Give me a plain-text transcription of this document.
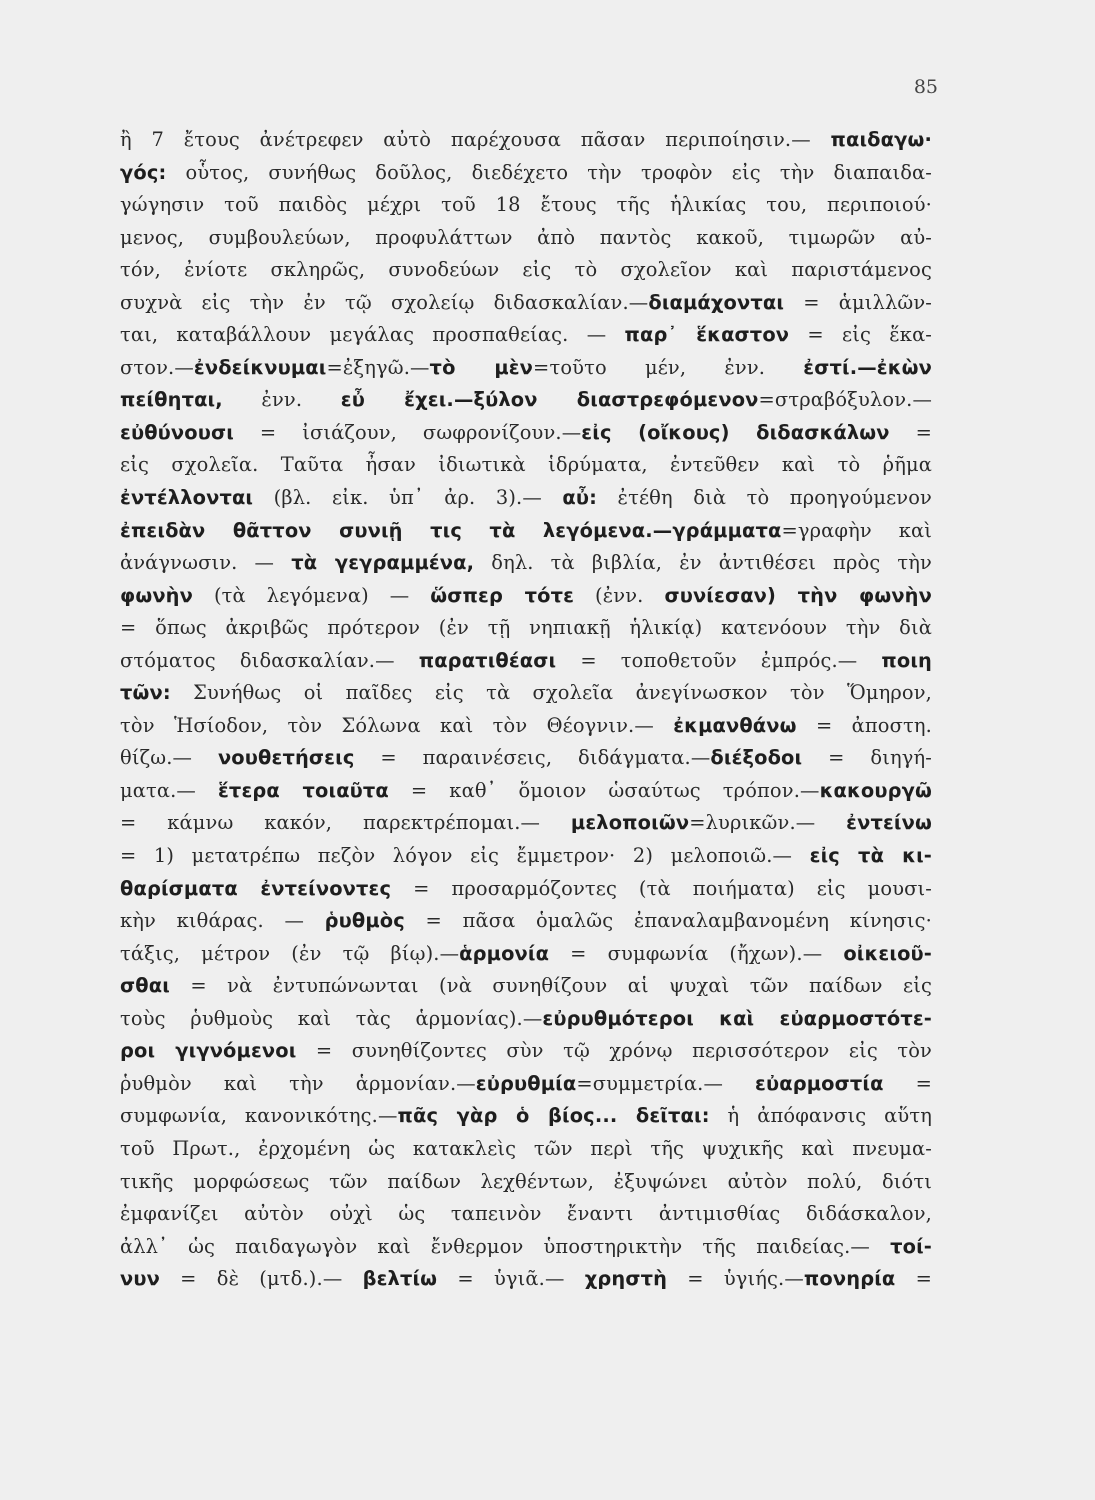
85
ἢ 7 ἔτους ἀνέτρεφεν αὐτὸ παρέχουσα πᾶσαν περιποίησιν.— παιδαγω·
γός: οὗτος, συνήθως δοῦλος, διεδέχετο τὴν τροφὸν εἰς τὴν διαπαιδα-
γώγησιν τοῦ παιδὸς μέχρι τοῦ 18 ἔτους τῆς ἡλικίας του, περιποιού·
μενος, συμβουλεύων, προφυλάττων ἀπὸ παντὸς κακοῦ, τιμωρῶν αὐ-
τόν, ἐνίοτε σκληρῶς, συνοδεύων εἰς τὸ σχολεῖον καὶ παριστάμενος
συχνὰ εἰς τὴν ἐν τῷ σχολείῳ διδασκαλίαν.—διαμάχονται = ἁμιλλῶν-
ται, καταβάλλουν μεγάλας προσπαθείας. — παρ᾽ ἕκαστον = εἰς ἕκα-
στον.—ἐνδείκνυμαι=ἐξηγῶ.—τὸ μὲν=τοῦτο μέν, ἐνν. ἐστί.—ἐκὼν
πείθηται, ἐνν. εὖ ἔχει.—ξύλον διαστρεφόμενον=στραβόξυλον.—
εὐθύνουσι = ἰσιάζουν, σωφρονίζουν.—εἰς (οἴκους) διδασκάλων =
εἰς σχολεῖα. Ταῦτα ἦσαν ἰδιωτικὰ ἱδρύματα, ἐντεῦθεν καὶ τὸ ῥῆμα
ἐντέλλονται (βλ. εἰκ. ὑπ᾽ ἀρ. 3).— αὖ: ἐτέθη διὰ τὸ προηγούμενον
ἐπειδὰν θᾶττον συνιῇ τις τὰ λεγόμενα.—γράμματα=γραφὴν καὶ
ἀνάγνωσιν. — τὰ γεγραμμένα, δηλ. τὰ βιβλία, ἐν ἀντιθέσει πρὸς τὴν
φωνὴν (τὰ λεγόμενα) — ὥσπερ τότε (ἐνν. συνίεσαν) τὴν φωνὴν
= ὅπως ἀκριβῶς πρότερον (ἐν τῇ νηπιακῇ ἡλικίᾳ) κατενόουν τὴν διὰ
στόματος διδασκαλίαν.— παρατιθέασι = τοποθετοῦν ἐμπρός.— ποιη
τῶν: Συνήθως οἱ παῖδες εἰς τὰ σχολεῖα ἀνεγίνωσκον τὸν Ὅμηρον,
τὸν Ἡσίοδον, τὸν Σόλωνα καὶ τὸν Θέογνιν.— ἐκμανθάνω = ἀποστη.
θίζω.— νουθετήσεις = παραινέσεις, διδάγματα.—διέξοδοι = διηγή-
ματα.— ἕτερα τοιαῦτα = καθ᾽ ὅμοιον ὡσαύτως τρόπον.—κακουργῶ
= κάμνω κακόν, παρεκτρέπομαι.— μελοποιῶν=λυρικῶν.— ἐντείνω
= 1) μετατρέπω πεζὸν λόγον εἰς ἔμμετρον· 2) μελοποιῶ.— εἰς τὰ κι-
θαρίσματα ἐντείνοντες = προσαρμόζοντες (τὰ ποιήματα) εἰς μουσι-
κὴν κιθάρας. — ῥυθμὸς = πᾶσα ὁμαλῶς ἐπαναλαμβανομένη κίνησις·
τάξις, μέτρον (ἐν τῷ βίῳ).—ἁρμονία = συμφωνία (ἤχων).— οἰκειοῦ-
σθαι = νὰ ἐντυπώνωνται (νὰ συνηθίζουν αἱ ψυχαὶ τῶν παίδων εἰς
τοὺς ῥυθμοὺς καὶ τὰς ἁρμονίας).—εὐρυθμότεροι καὶ εὐαρμοστότε-
ροι γιγνόμενοι = συνηθίζοντες σὺν τῷ χρόνῳ περισσότερον εἰς τὸν
ῥυθμὸν καὶ τὴν ἁρμονίαν.—εὐρυθμία=συμμετρία.— εὐαρμοστία =
συμφωνία, κανονικότης.—πᾶς γὰρ ὁ βίος... δεῖται: ἡ ἀπόφανσις αὕτη
τοῦ Πρωτ., ἐρχομένη ὡς κατακλεὶς τῶν περὶ τῆς ψυχικῆς καὶ πνευμα-
τικῆς μορφώσεως τῶν παίδων λεχθέντων, ἐξυψώνει αὐτὸν πολύ, διότι
ἐμφανίζει αὐτὸν οὐχὶ ὡς ταπεινὸν ἔναντι ἀντιμισθίας διδάσκαλον,
ἀλλ᾽ ὡς παιδαγωγὸν καὶ ἔνθερμον ὑποστηρικτὴν τῆς παιδείας.— τοί-
νυν = δὲ (μτδ.).— βελτίω = ὑγιᾶ.— χρηστὴ = ὑγιής.—πονηρία =
